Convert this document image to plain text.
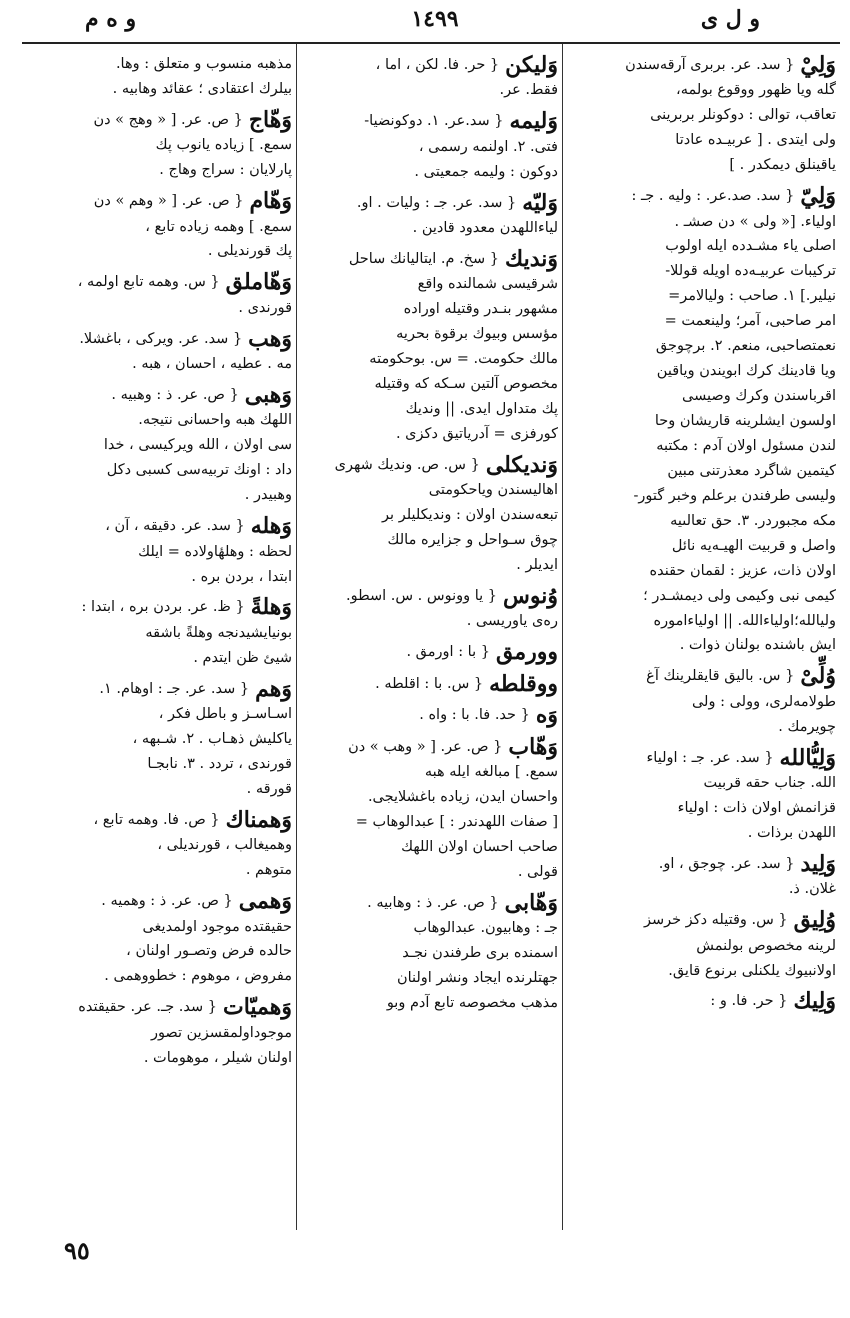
و ل ی
١٤٩٩
و ه م
وَلِيْ{ سد. عر. بربری آرقەسندن

گلە ويا ظهور ووقوع بولمە،
تعاقب، توالی : دوكونلر بربرينی
ولی ايتدی . [ عربيـده عادتا
ياقينلق دیمكدر . ]
وَلِيّ{ سد. صد.عر. : وليه . جـ :

اولياء. [« ولی » دن صشـ .
اصلی ياء مشـدده ايله اولوب
تركيبات عربيـەده اويله قوللا-
نيلير.] ١. صاحب : ولیالامر=
امر صاحبی، آمر؛ ولینعمت =
نعمتصاحبی، منعم. ٢. برچوجق
ويا قادينك كرك ابويندن وياقين
اقرباسندن وكرك وصيسی
اولسون ايشلرينه قاريشان وحا
لندن مسئول اولان آدم : مكتبه
كيتمين شاگرد معذرتنی مبين
ولیسی طرفندن برعلم وخبر گتور-
مكه مجبوردر. ٣. حق تعالىيه
واصل و قربيت الهيـەيه نائل
اولان ذات، عزيز : لقمان حقنده
كيمی نبی وكيمی ولی ديمشـدر ؛
ولیالله؛اولياءالله. || اولياءامورە
ايش باشنده بولنان ذوات .
وُلِّیْ{ س. بالیق قايقلرينك آغ

طولامەلری، وولی : ولی
چويرمك .
وَلِیُّالله{ سد. عر. جـ : اولياء

الله. جناب حقه قربيت
قزانمش اولان ذات : اولياء
اللهدن برذات .
وَلِيد{ سد. عر. چوجق ، او.

غلان. ذ.
وُلِيق{ س. وقتيله دكز خرسز

لرينه مخصوص بولنمش
اولانبيوك يلكنلی برنوع قايق.
وَلِيك{ حر. فا. و :

وَليكن{ حر. فا. لكن ، اما ،

فقط. عر.
وَليمه{ سد.عر. ١. دوكونضيا-

فتی. ٢. اولنمه رسمی ،
دوكون : وليمه جمعيتی .
وَليّه{ سد. عر. جـ : وليات . او.

لياءاللهدن معدود قادين .
وَنديك{ سخ. م. ايتاليانك ساحل

شرقيسی شمالنده واقع
مشهور بنـدر وقتيله اوراده
مؤسس وبيوك برقوة بحريه
مالك حكومت. = س. بوحكومته
مخصوص آلتين سـكه كه وقتيله
پك متداول ايدی. || ونديك
كورفزی = آدرياتيق دكزی .
وَنديكلی{ س. ص. ونديك شهری

اهاليسندن وياحكومتی
تبعەسندن اولان : ونديكليلر بر
چوق سـواحل و جزايره مالك
ايديلر .
وُنوس{ يا وونوس . س. اسطو.

رەی ياوريسی .
وورمق{ با : اورمق .

ووقلطه{ س. با : اقلطه .

وَه{ حد. فا. با : واه .

وَهّاب{ ص. عر. [ « وهب » دن

سمع. ] مبالغه ايله هبه
واحسان ايدن، زياده باغشلايجی.
[ صفات اللهدندر : ] عبدالوهاب =
صاحب احسان اولان اللهك
قولی .
وَهّابی{ ص. عر. ذ : وهابيه .

جـ : وهابيون. عبدالوهاب
اسمنده بری طرفندن نجـد
جهتلرنده ايجاد ونشر اولنان
مذهب مخصوصه تابع آدم وبو
مذهبه منسوب و متعلق : وها.
بيلرك اعتقادی ؛ عقائد وهابيه .
وَهّاج{ ص. عر. [ « وهج » دن

سمع. ] زياده يانوب پك
پارلايان : سراج وهاج .
وَهّام{ ص. عر. [ « وهم » دن

سمع. ] وهمه زياده تابع ،
پك قورنديلی .
وَهّاملق{ س. وهمه تابع اولمه ،

قورندی .
وَهب{ سد. عر. ويركی ، باغشلا.

مه . عطيه ، احسان ، هبه .
وَهبی{ ص. عر. ذ : وهبيه .

اللهك هبه واحسانی نتيجه.
سی اولان ، الله ويركيسی ، خدا
داد : اونك تربيەسی كسبی دكل
وهبيدر .
وَهله{ سد. عر. دقيقه ، آن ،

لحظه : وهلهٔاولاده = ايلك
ابتدا ، بردن بره .
وَهلةً{ ظ. عر. بردن بره ، ابتدا :

بونیايشيدنجه وهلةً باشقه
شیئ ظن ايتدم .
وَهم{ سد. عر. جـ : اوهام. ١.

اسـاسـز و باطل فكر ،
ياكليش ذهـاب . ٢. شـبهه ،
قورندی ، تردد . ٣. نابجـا
قورقه .
وَهمناك{ ص. فا. وهمه تابع ،

وهمیغالب ، قورنديلی ،
متوهم .
وَهمی{ ص. عر. ذ : وهميه .

حقيقتده موجود اولمديغی
حالده فرض وتصـور اولنان ،
مفروض ، موهوم : خطووهمی .
وَهميّات{ سد. جـ. عر. حقيقتده

موجوداولمقسزين تصور
اولنان شيلر ، موهومات .
٩٥
